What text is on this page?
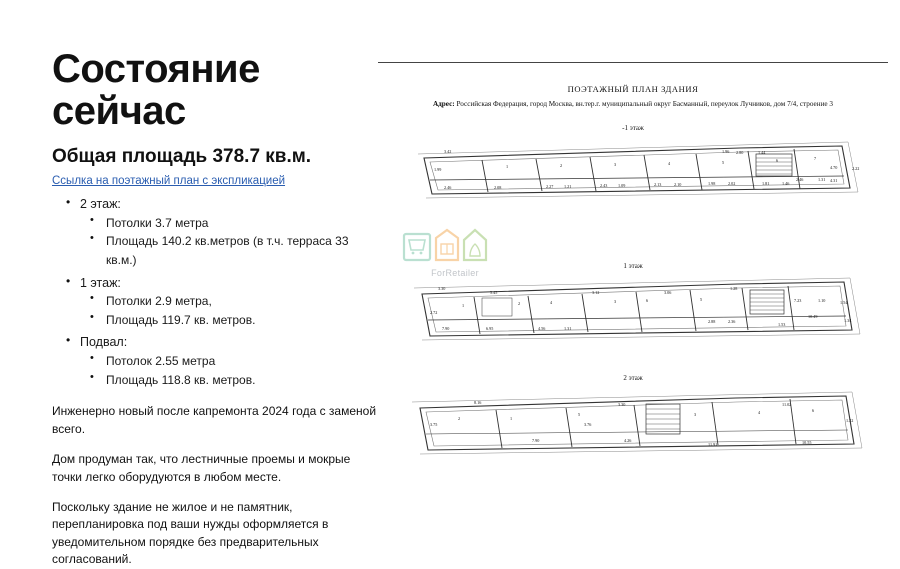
Состояние
сейчас
Общая площадь 378.7 кв.м.
Ссылка на поэтажный план с экспликацией
• 2 этаж:
• Потолки 3.7 метра
• Площадь 140.2 кв.метров (в т.ч. терраса 33 кв.м.)
• 1 этаж:
• Потолки 2.9 метра,
• Площадь 119.7 кв. метров.
• Подвал:
• Потолок 2.55 метра
• Площадь 118.8 кв. метров.

Инженерно новый после капремонта 2024 года с заменой всего.

Дом продуман так, что лестничные проемы и мокрые точки легко оборудуются в любом месте.

Поскольку здание не жилое и не памятник, перепланировка под ваши нужды оформляется в уведомительном порядке без предварительных согласований.

ПОЭТАЖНЫЙ ПЛАН ЗДАНИЯ
Адрес: Российская Федерация, город Москва, вн.тер.г. муниципальный округ Басманный, переулок Лучников, дом 7/4, строение 3
-1 этаж
3.42
1.99
2.46	2.08
1
2.27	1.21
2
2.43	1.09
3
2.13	2.10
4
1.98	2.02
5
2.80	1.44
1.81	1.46
6
2.46	1.31
7
4.70
4.31
2.22
1.96
1 этаж
3.30
2.72
7.90
1
5.45
6.95
2
4.56	1.31
4
3.12
3	6
3.06
5
2.88	2.36
1.28
7.23	1.10
10.49
1.54
1.34
1.53
2 этаж
8.16
3.75
2	1
5
3.76
7.90
3.30
4.26
3
11.91
4
11.02
6
10.55
1.22
ForRetailer
